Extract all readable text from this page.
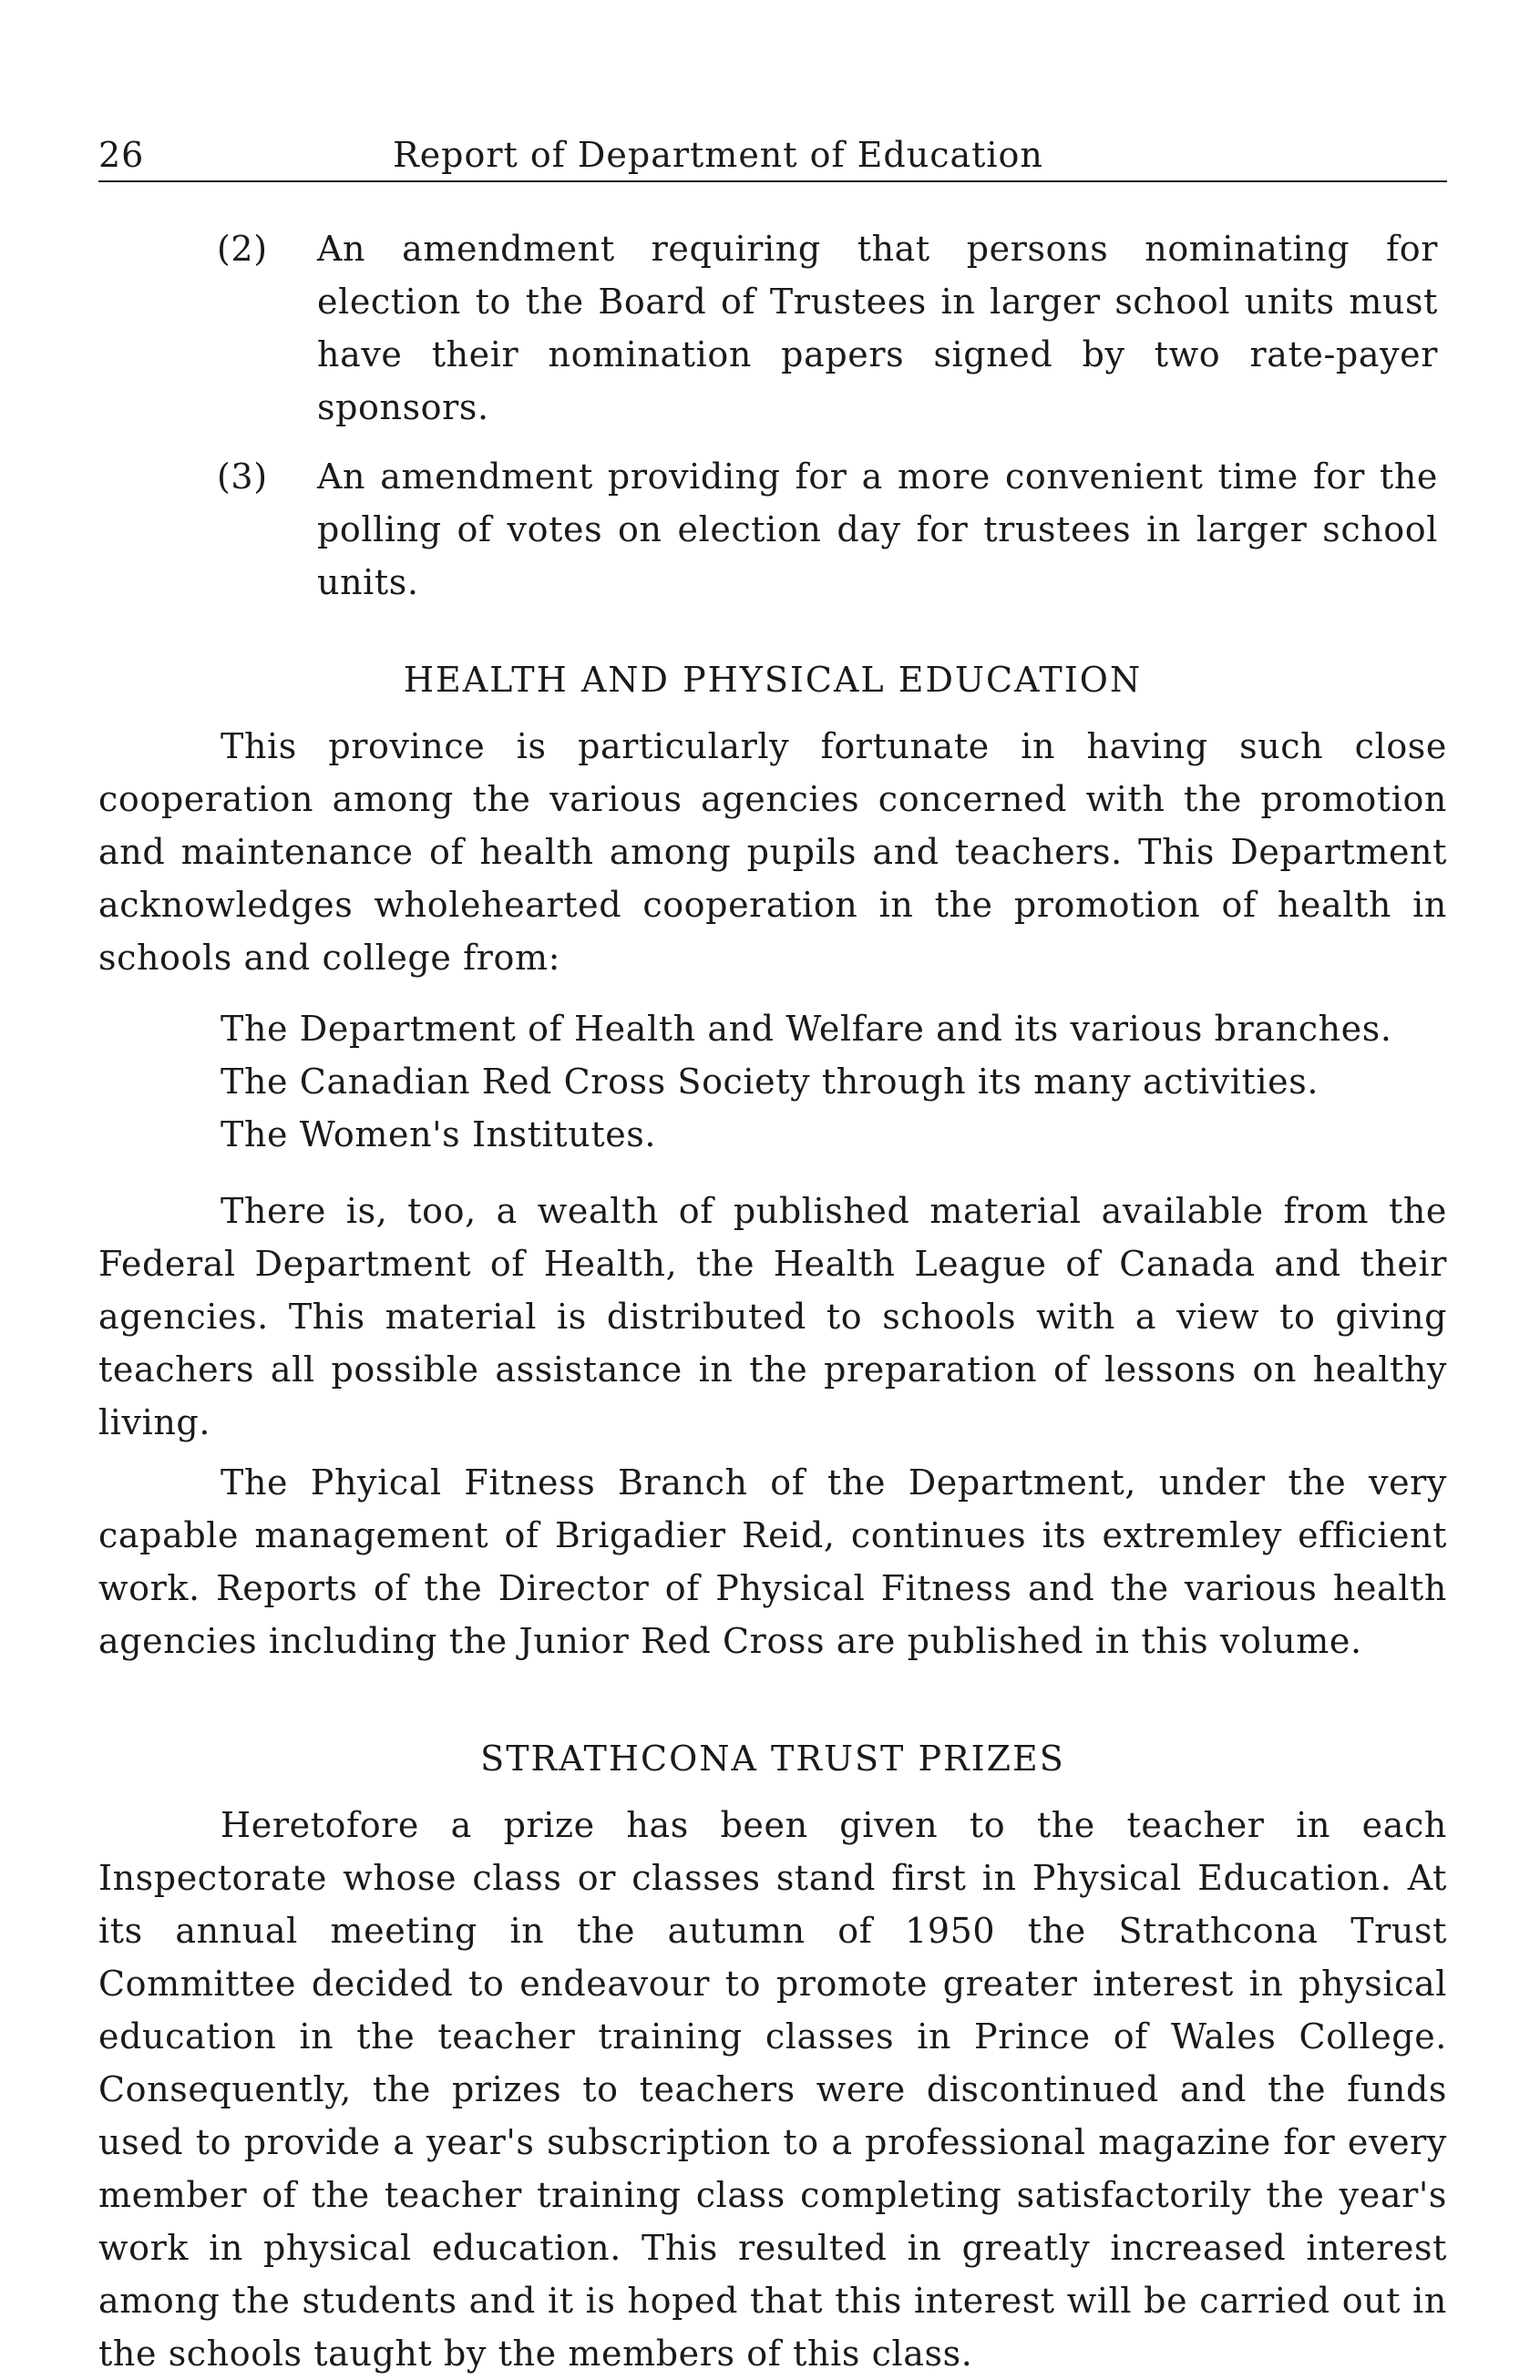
26	Report of Department of Education
(2)	An amendment requiring that persons nominating for election to the Board of Trustees in larger school units must have their nomination papers signed by two rate-payer sponsors.
(3)	An amendment providing for a more convenient time for the polling of votes on election day for trustees in larger school units.
HEALTH AND PHYSICAL EDUCATION

This province is particularly fortunate in having such close cooperation among the various agencies concerned with the promotion and maintenance of health among pupils and teachers. This Department acknowledges wholehearted cooperation in the promotion of health in schools and college from:

The Department of Health and Welfare and its various branches.
The Canadian Red Cross Society through its many activities.
The Women's Institutes.

There is, too, a wealth of published material available from the Federal Department of Health, the Health League of Canada and their agencies. This material is distributed to schools with a view to giving teachers all possible assistance in the preparation of lessons on healthy living.

The Phyical Fitness Branch of the Department, under the very capable management of Brigadier Reid, continues its extremley efficient work. Reports of the Director of Physical Fitness and the various health agencies including the Junior Red Cross are published in this volume.

STRATHCONA TRUST PRIZES

Heretofore a prize has been given to the teacher in each Inspectorate whose class or classes stand first in Physical Education. At its annual meeting in the autumn of 1950 the Strathcona Trust Committee decided to endeavour to promote greater interest in physical education in the teacher training classes in Prince of Wales College. Consequently, the prizes to teachers were discontinued and the funds used to provide a year's subscription to a professional magazine for every member of the teacher training class completing satisfactorily the year's work in physical education. This resulted in greatly increased interest among the students and it is hoped that this interest will be carried out in the schools taught by the members of this class.
